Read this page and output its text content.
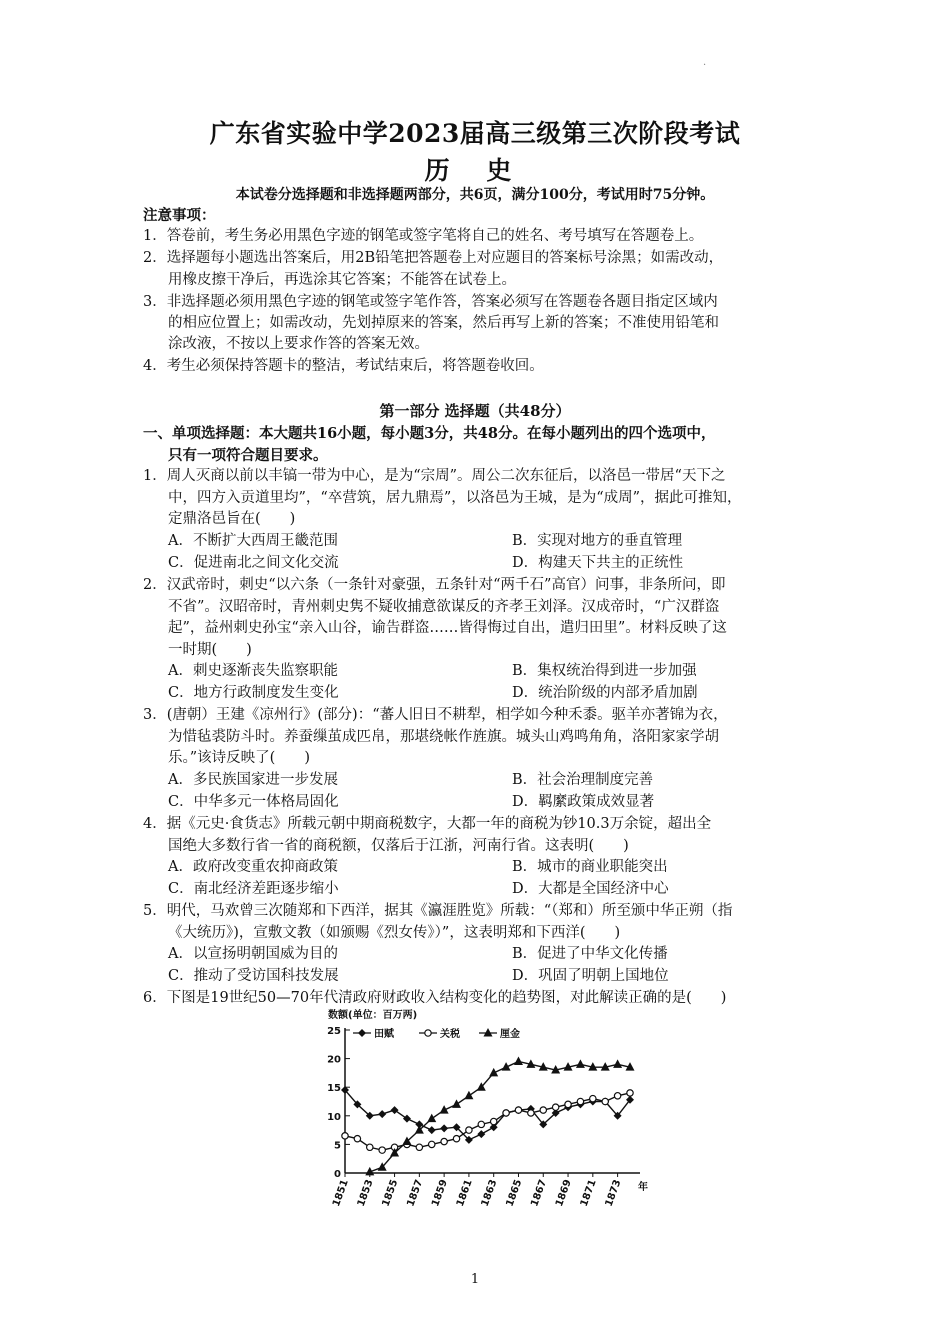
·
广东省实验中学2023届高三级第三次阶段考试
历 史
本试卷分选择题和非选择题两部分，共6页，满分100分，考试用时75分钟。
注意事项：
1．答卷前，考生务必用黑色字迹的钢笔或签字笔将自己的姓名、考号填写在答题卷上。
2．选择题每小题选出答案后，用2B铅笔把答题卷上对应题目的答案标号涂黑；如需改动，
用橡皮擦干净后，再选涂其它答案；不能答在试卷上。
3．非选择题必须用黑色字迹的钢笔或签字笔作答，答案必须写在答题卷各题目指定区域内
的相应位置上；如需改动，先划掉原来的答案，然后再写上新的答案；不准使用铅笔和
涂改液，不按以上要求作答的答案无效。
4．考生必须保持答题卡的整洁，考试结束后，将答题卷收回。
第一部分 选择题（共48分）
一、单项选择题：本大题共16小题，每小题3分，共48分。在每小题列出的四个选项中，
只有一项符合题目要求。
1．周人灭商以前以丰镐一带为中心，是为“宗周”。周公二次东征后，以洛邑一带居“天下之
中，四方入贡道里均”，“卒营筑，居九鼎焉”，以洛邑为王城，是为“成周”，据此可推知，
定鼎洛邑旨在(　　)
A．不断扩大西周王畿范围	B．实现对地方的垂直管理
C．促进南北之间文化交流	D．构建天下共主的正统性
2．汉武帝时，刺史“以六条（一条针对豪强，五条针对“两千石”高官）问事，非条所问，即
不省”。汉昭帝时，青州刺史隽不疑收捕意欲谋反的齐孝王刘泽。汉成帝时，“广汉群盗
起”，益州刺史孙宝“亲入山谷，谕告群盗……皆得悔过自出，遣归田里”。材料反映了这
一时期(　　)
A．刺史逐渐丧失监察职能	B．集权统治得到进一步加强
C．地方行政制度发生变化	D．统治阶级的内部矛盾加剧
3．(唐朝）王建《凉州行》(部分)：“蕃人旧日不耕犁，相学如今种禾黍。驱羊亦著锦为衣，
为惜毡裘防斗时。养蚕缫茧成匹帛，那堪绕帐作旌旗。城头山鸡鸣角角，洛阳家家学胡
乐。”该诗反映了(　　)
A．多民族国家进一步发展	B．社会治理制度完善
C．中华多元一体格局固化	D．羁縻政策成效显著
4．据《元史·食货志》所载元朝中期商税数字，大都一年的商税为钞10.3万余锭，超出全
国绝大多数行省一省的商税额，仅落后于江浙，河南行省。这表明(　　)
A．政府改变重农抑商政策	B．城市的商业职能突出
C．南北经济差距逐步缩小	D．大都是全国经济中心
5．明代，马欢曾三次随郑和下西洋，据其《瀛涯胜览》所载：“（郑和）所至颁中华正朔（指
《大统历》)，宣敷文教（如颁赐《烈女传》）”，这表明郑和下西洋(　　)
A．以宣扬明朝国威为目的	B．促进了中华文化传播
C．推动了受访国科技发展	D．巩固了明朝上国地位
6．下图是19世纪50—70年代清政府财政收入结构变化的趋势图，对此解读正确的是(　　)
0
5
10
15
20
25
1851 1853 1855 1857 1859 1861 1863 1865 1867 1869 1871 1873
数额(单位：百万两)
年
田赋	关税	厘金
1
